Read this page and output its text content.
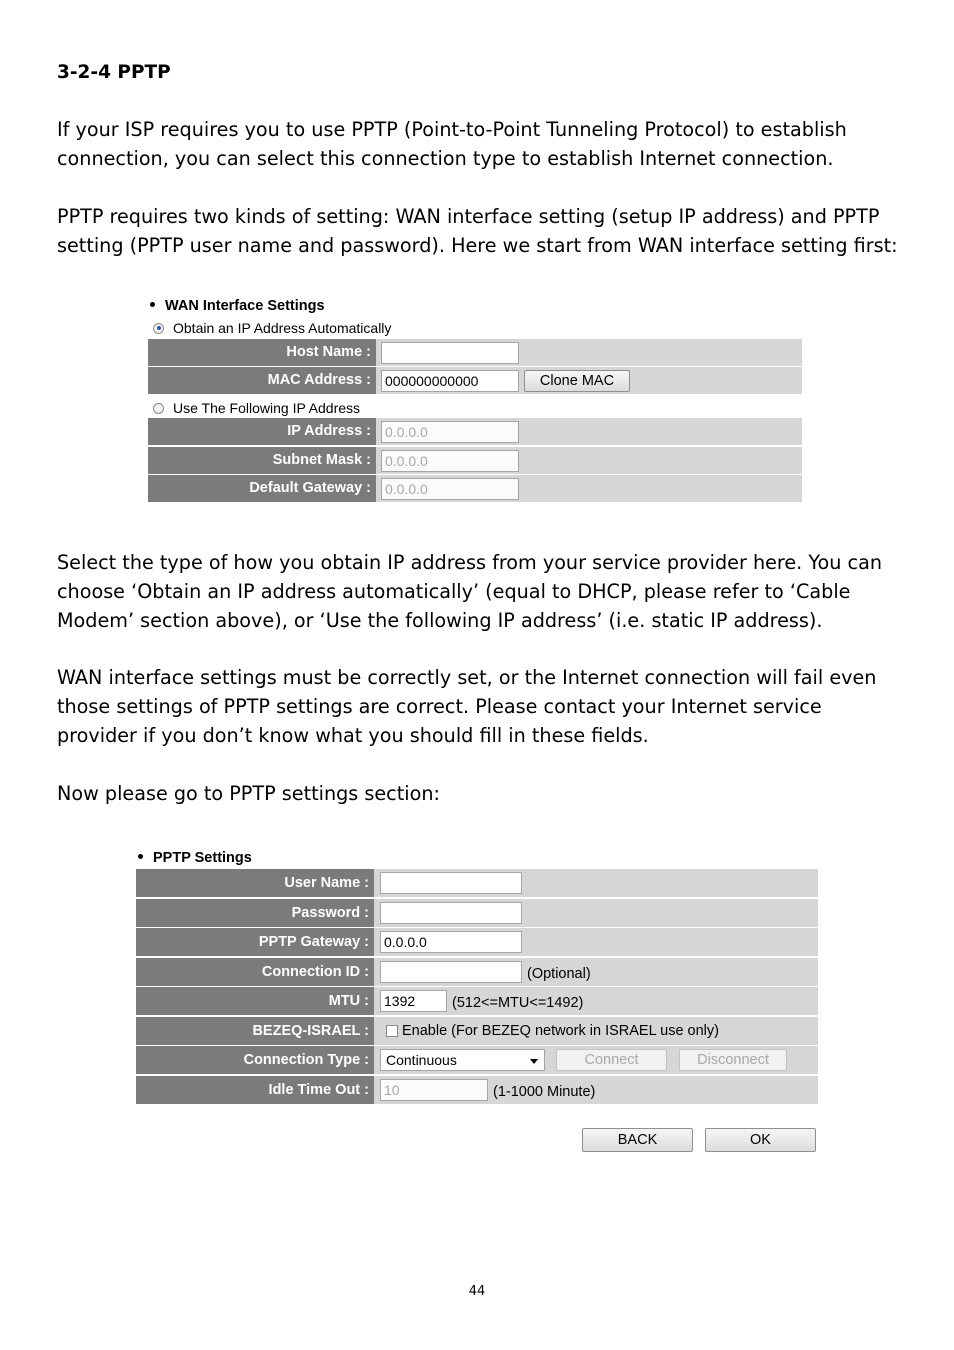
3-2-4 PPTP

If your ISP requires you to use PPTP (Point-to-Point Tunneling Protocol) to establish connection, you can select this connection type to establish Internet connection.

PPTP requires two kinds of setting: WAN interface setting (setup IP address) and PPTP setting (PPTP user name and password). Here we start from WAN interface setting first:

Select the type of how you obtain IP address from your service provider here. You can choose ‘Obtain an IP address automatically’ (equal to DHCP, please refer to ‘Cable Modem’ section above), or ‘Use the following IP address’ (i.e. static IP address).

WAN interface settings must be correctly set, or the Internet connection will fail even those settings of PPTP settings are correct. Please contact your Internet service provider if you don’t know what you should fill in these fields.

Now please go to PPTP settings section:

WAN Interface Settings
Obtain an IP Address Automatically
Host Name :
MAC Address :	000000000000	Clone MAC
Use The Following IP Address
IP Address :	0.0.0.0
Subnet Mask :	0.0.0.0
Default Gateway :	0.0.0.0
PPTP Settings
User Name :
Password :
PPTP Gateway :	0.0.0.0
Connection ID :	(Optional)
MTU :	1392	(512<=MTU<=1492)
BEZEQ-ISRAEL :	Enable (For BEZEQ network in ISRAEL use only)
Connection Type :	Continuous	Connect	Disconnect
Idle Time Out :	10	(1-1000 Minute)
BACK	OK
44
